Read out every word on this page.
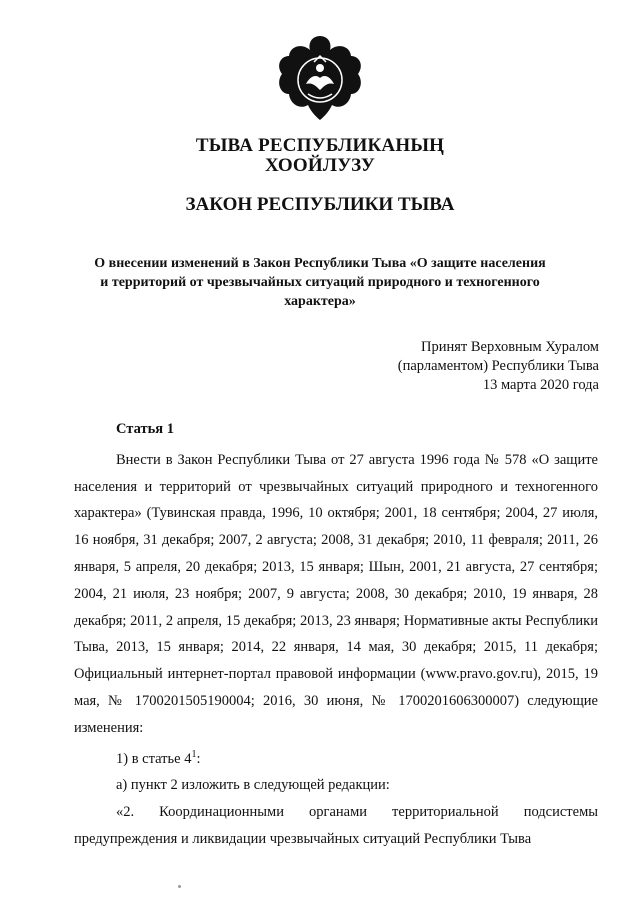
ТЫВА РЕСПУБЛИКАНЫҢ
ХООЙЛУЗУ
ЗАКОН РЕСПУБЛИКИ ТЫВА
О внесении изменений в Закон Республики Тыва «О защите населения
и территорий от чрезвычайных ситуаций природного и техногенного
характера»
Принят Верховным Хуралом
(парламентом) Республики Тыва
13 марта 2020 года

Статья 1

Внести в Закон Республики Тыва от 27 августа 1996 года № 578 «О защите населения и территорий от чрезвычайных ситуаций природного и техногенного характера» (Тувинская правда, 1996, 10 октября; 2001, 18 сентября; 2004, 27 июля, 16 ноября, 31 декабря; 2007, 2 августа; 2008, 31 декабря; 2010, 11 февраля; 2011, 26 января, 5 апреля, 20 декабря; 2013, 15 января; Шын, 2001, 21 августа, 27 сентября; 2004, 21 июля, 23 ноября; 2007, 9 августа; 2008, 30 декабря; 2010, 19 января, 28 декабря; 2011, 2 апреля, 15 декабря; 2013, 23 января; Нормативные акты Республики Тыва, 2013, 15 января; 2014, 22 января, 14 мая, 30 декабря; 2015, 11 декабря; Официальный интернет-портал правовой информации (www.pravo.gov.ru), 2015, 19 мая, № 1700201505190004; 2016, 30 июня, № 1700201606300007) следующие изменения:

1) в статье $4^1$:

а) пункт 2 изложить в следующей редакции:

«2. Координационными органами территориальной подсистемы предупреждения и ликвидации чрезвычайных ситуаций Республики Тыва
